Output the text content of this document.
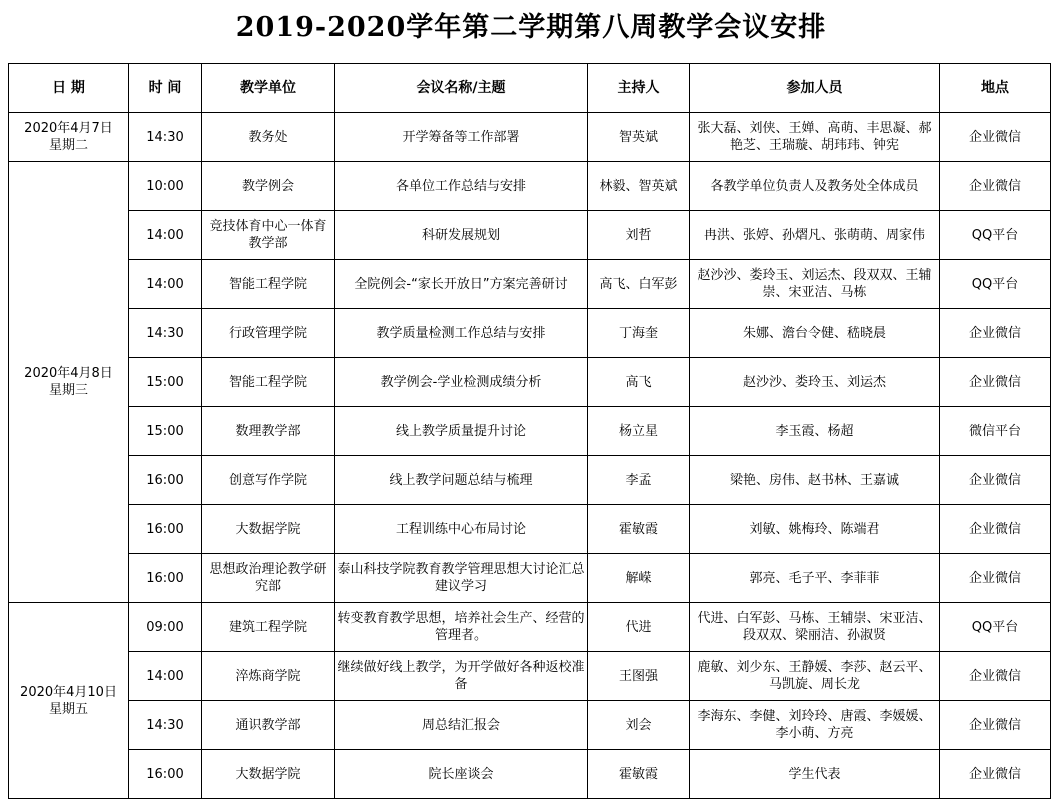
2019-2020学年第二学期第八周教学会议安排
日 期	时 间	教学单位	会议名称/主题	主持人	参加人员	地点

2020年4月7日
星期二	14:30	教务处	开学筹备等工作部署	智英斌	张大磊、刘侠、王婵、高萌、丰思凝、郝艳芝、王瑞璇、胡玮玮、钟宪	企业微信

2020年4月8日
星期三	10:00	教学例会	各单位工作总结与安排	林毅、智英斌	各教学单位负责人及教务处全体成员	企业微信
	14:00	竞技体育中心一体育教学部	科研发展规划	刘哲	冉洪、张婷、孙熠凡、张萌萌、周家伟	QQ平台
	14:00	智能工程学院	全院例会-“家长开放日”方案完善研讨	高飞、白军彭	赵沙沙、娄玲玉、刘运杰、段双双、王辅崇、宋亚洁、马栋	QQ平台
	14:30	行政管理学院	教学质量检测工作总结与安排	丁海奎	朱娜、澹台令健、嵇晓晨	企业微信
	15:00	智能工程学院	教学例会-学业检测成绩分析	高飞	赵沙沙、娄玲玉、刘运杰	企业微信
	15:00	数理教学部	线上教学质量提升讨论	杨立星	李玉霞、杨超	微信平台
	16:00	创意写作学院	线上教学问题总结与梳理	李孟	梁艳、房伟、赵书林、王嘉诚	企业微信
	16:00	大数据学院	工程训练中心布局讨论	霍敏霞	刘敏、姚梅玲、陈端君	企业微信
	16:00	思想政治理论教学研究部	泰山科技学院教育教学管理思想大讨论汇总建议学习	解嵘	郭亮、毛子平、李菲菲	企业微信

2020年4月10日
星期五	09:00	建筑工程学院	转变教育教学思想，培养社会生产、经营的管理者。	代进	代进、白军彭、马栋、王辅崇、宋亚洁、段双双、梁丽洁、孙淑贤	QQ平台
	14:00	淬炼商学院	继续做好线上教学，为开学做好各种返校准备	王图强	鹿敏、刘少东、王静媛、李莎、赵云平、马凯旋、周长龙	企业微信
	14:30	通识教学部	周总结汇报会	刘会	李海东、李健、刘玲玲、唐霞、李媛媛、李小萌、方亮	企业微信
	16:00	大数据学院	院长座谈会	霍敏霞	学生代表	企业微信
